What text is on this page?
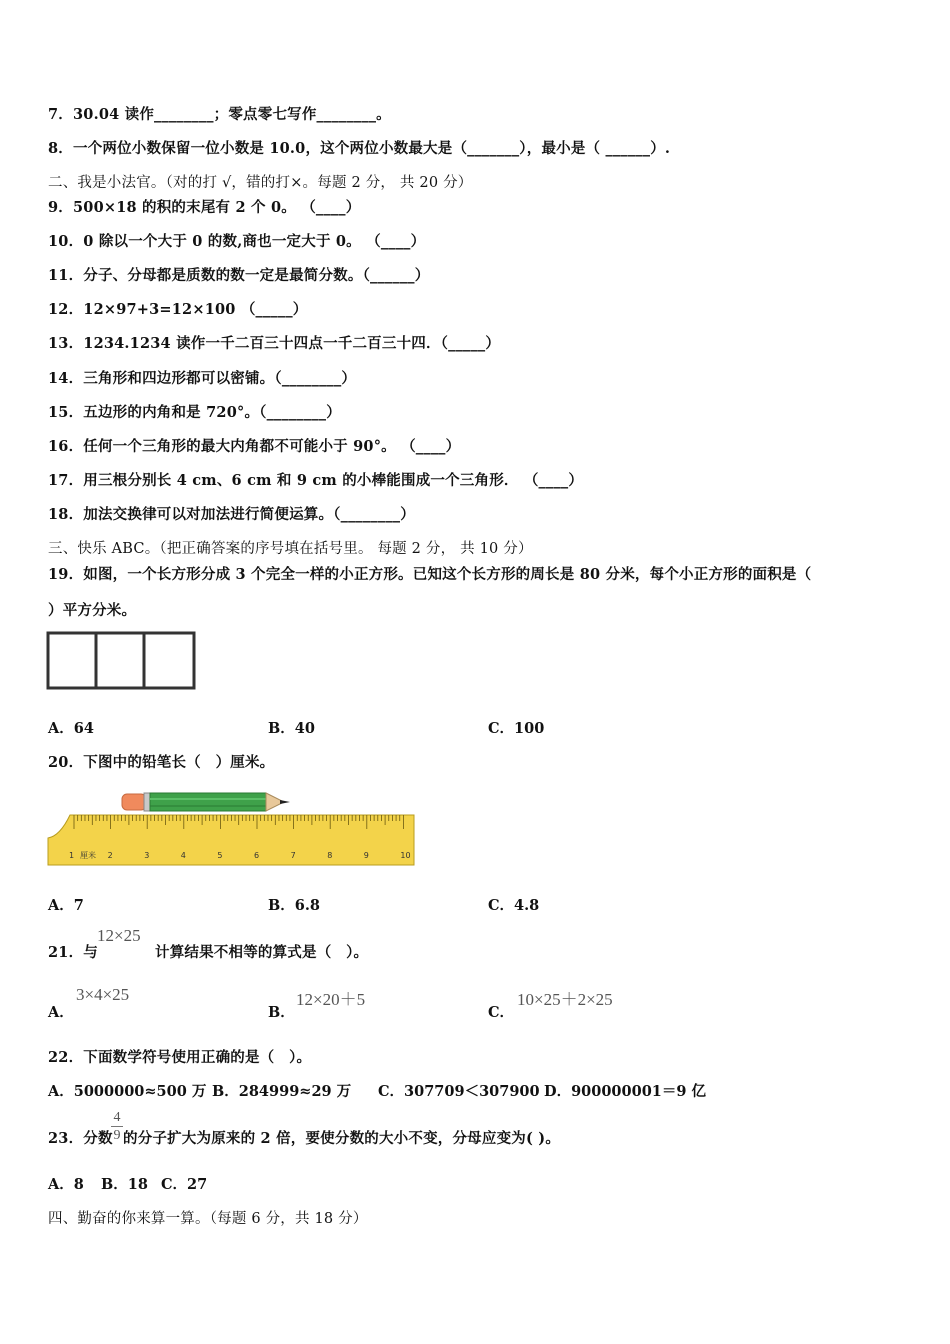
7．30.04 读作________；零点零七写作________。
8．一个两位小数保留一位小数是 10.0，这个两位小数最大是（_______），最小是（ ______）.
二、我是小法官。（对的打 √，错的打×。每题 2 分， 共 20 分）
9．500×18 的积的末尾有 2 个 0。 （____）
10．0 除以一个大于 0 的数,商也一定大于 0。 （____）
11．分子、分母都是质数的数一定是最简分数。（______）
12．12×97+3=12×100 （_____）
13．1234.1234 读作一千二百三十四点一千二百三十四．（_____）
14．三角形和四边形都可以密铺。（________）
15．五边形的内角和是 720°。（________）
16．任何一个三角形的最大内角都不可能小于 90°。 （____）
17．用三根分别长 4 cm、6 cm 和 9 cm 的小棒能围成一个三角形． （____）
18．加法交换律可以对加法进行简便运算。（________）
三、快乐 ABC。（把正确答案的序号填在括号里。 每题 2 分， 共 10 分）
19．如图，一个长方形分成 3 个完全一样的小正方形。已知这个长方形的周长是 80 分米，每个小正方形的面积是（
）平方分米。
A．64	B．40	C．100
20．下图中的铅笔长（　）厘米。
厘米 2	3	4	5	6	7	8	9	10
1
A．7	B．6.8	C．4.8
21．与
12×25
计算结果不相等的算式是（　）。
A．
3×4×25
B．
12×20＋5
C．
10×25＋2×25
22．下面数学符号使用正确的是（　）。
A．5000000≈500 万 B．284999≈29 万 C．307709＜307900 D．900000001＝9 亿
23．分数
4
9 的分子扩大为原来的 2 倍，要使分数的大小不变，分母应变为( )。
A．8 B．18 C．27
四、勤奋的你来算一算。（每题 6 分，共 18 分）
